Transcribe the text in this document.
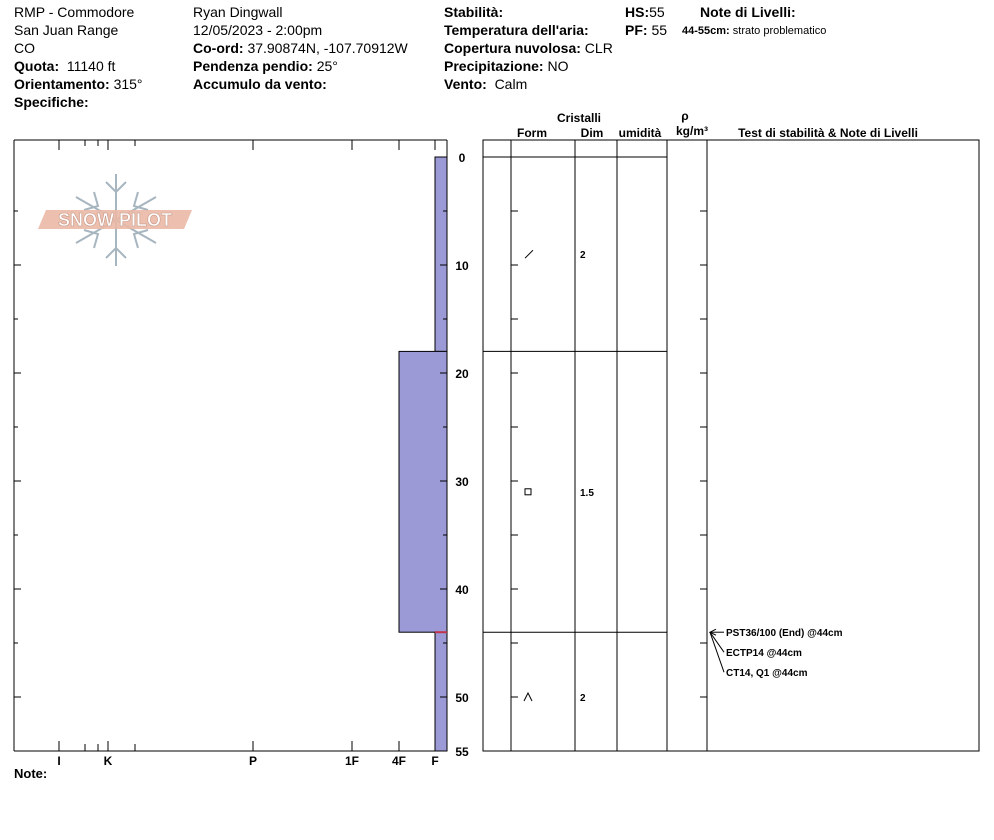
RMP - Commodore
San Juan Range
CO
Quota: 11140 ft
Orientamento: 315°
Specifiche:
Ryan Dingwall
12/05/2023 - 2:00pm
Co-ord: 37.90874N, -107.70912W
Pendenza pendio: 25°
Accumulo da vento:
Stabilità:
Temperatura dell'aria:
Copertura nuvolosa: CLR
Precipitazione: NO
Vento: Calm
HS:55
PF: 55
Note di Livelli:
44-55cm: strato problematico
Cristalli
Form	Dim umidità
ρ
kg/m³	Test di stabilità & Note di Livelli
SNOW PILOT
0
10
20
30
40
50
55
I	K	P	1F	4F F
2
1.5
2
PST36/100 (End) @44cm
ECTP14 @44cm
CT14, Q1 @44cm
Note:
